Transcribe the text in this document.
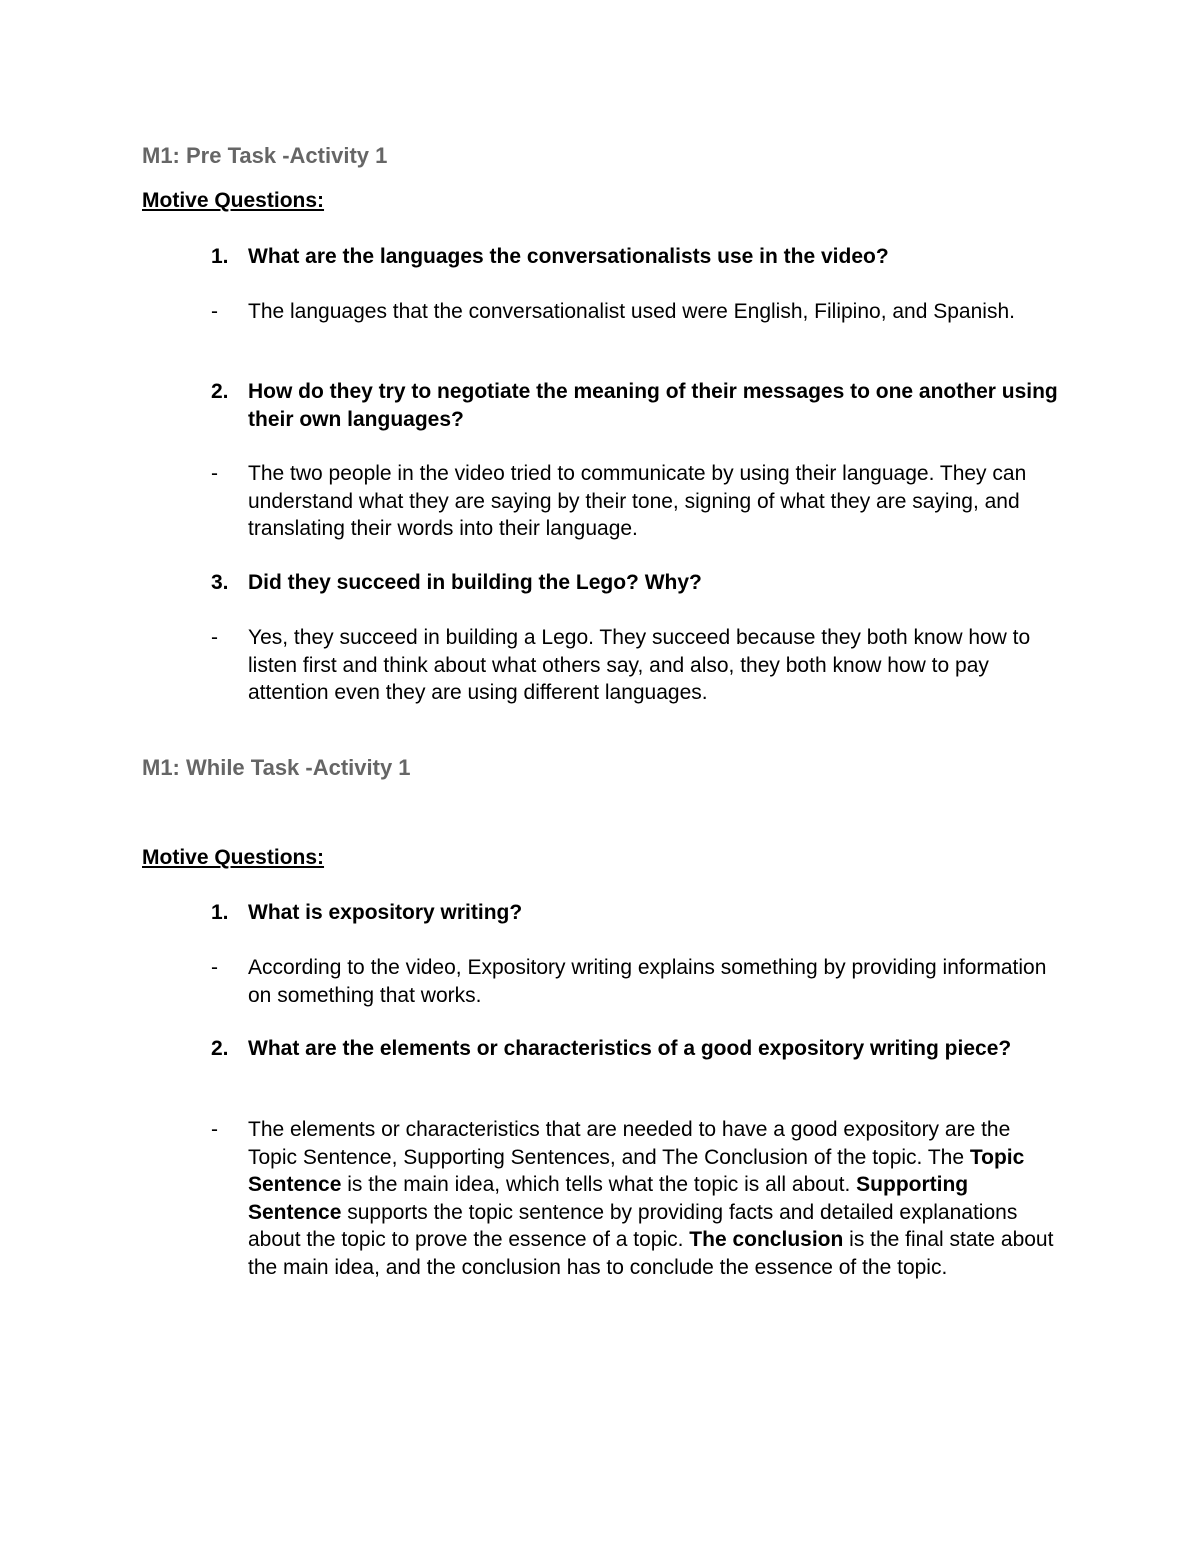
M1: Pre Task -Activity 1

Motive Questions:

1. What are the languages the conversationalists use in the video?
- The languages that the conversationalist used were English, Filipino, and Spanish.
2. How do they try to negotiate the meaning of their messages to one another using their own languages?
- The two people in the video tried to communicate by using their language. They can understand what they are saying by their tone, signing of what they are saying, and translating their words into their language.
3. Did they succeed in building the Lego? Why?
- Yes, they succeed in building a Lego. They succeed because they both know how to listen first and think about what others say, and also, they both know how to pay attention even they are using different languages.
M1: While Task -Activity 1

Motive Questions:

1. What is expository writing?
- According to the video, Expository writing explains something by providing information on something that works.
2. What are the elements or characteristics of a good expository writing piece?
- The elements or characteristics that are needed to have a good expository are the Topic Sentence, Supporting Sentences, and The Conclusion of the topic. The Topic Sentence is the main idea, which tells what the topic is all about. Supporting Sentence supports the topic sentence by providing facts and detailed explanations about the topic to prove the essence of a topic. The conclusion is the final state about the main idea, and the conclusion has to conclude the essence of the topic.
